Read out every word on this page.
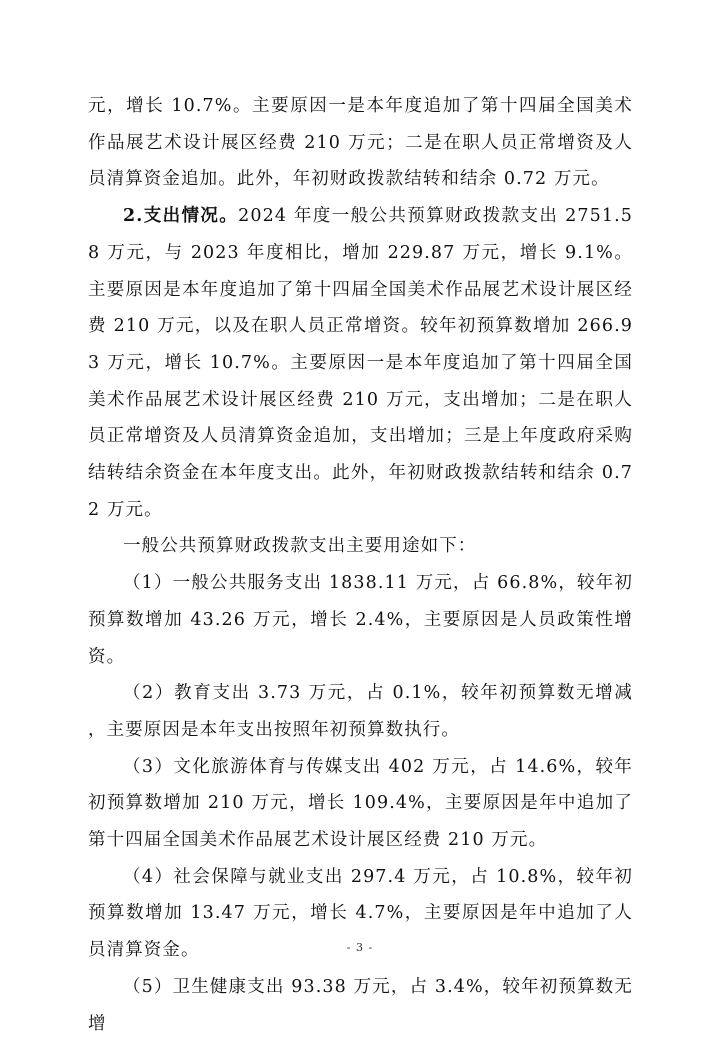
元，增长 10.7%。主要原因一是本年度追加了第十四届全国美术作品展艺术设计展区经费 210 万元；二是在职人员正常增资及人员清算资金追加。此外，年初财政拨款结转和结余 0.72 万元。

2.支出情况。2024 年度一般公共预算财政拨款支出 2751.58 万元，与 2023 年度相比，增加 229.87 万元，增长 9.1%。主要原因是本年度追加了第十四届全国美术作品展艺术设计展区经费 210 万元，以及在职人员正常增资。较年初预算数增加 266.93 万元，增长 10.7%。主要原因一是本年度追加了第十四届全国美术作品展艺术设计展区经费 210 万元，支出增加；二是在职人员正常增资及人员清算资金追加，支出增加；三是上年度政府采购结转结余资金在本年度支出。此外，年初财政拨款结转和结余 0.72 万元。

一般公共预算财政拨款支出主要用途如下：

（1）一般公共服务支出 1838.11 万元，占 66.8%，较年初预算数增加 43.26 万元，增长 2.4%，主要原因是人员政策性增资。

（2）教育支出 3.73 万元，占 0.1%，较年初预算数无增减，主要原因是本年支出按照年初预算数执行。

（3）文化旅游体育与传媒支出 402 万元，占 14.6%，较年初预算数增加 210 万元，增长 109.4%，主要原因是年中追加了第十四届全国美术作品展艺术设计展区经费 210 万元。

（4）社会保障与就业支出 297.4 万元，占 10.8%，较年初预算数增加 13.47 万元，增长 4.7%，主要原因是年中追加了人员清算资金。

（5）卫生健康支出 93.38 万元，占 3.4%，较年初预算数无增

- 3 -
